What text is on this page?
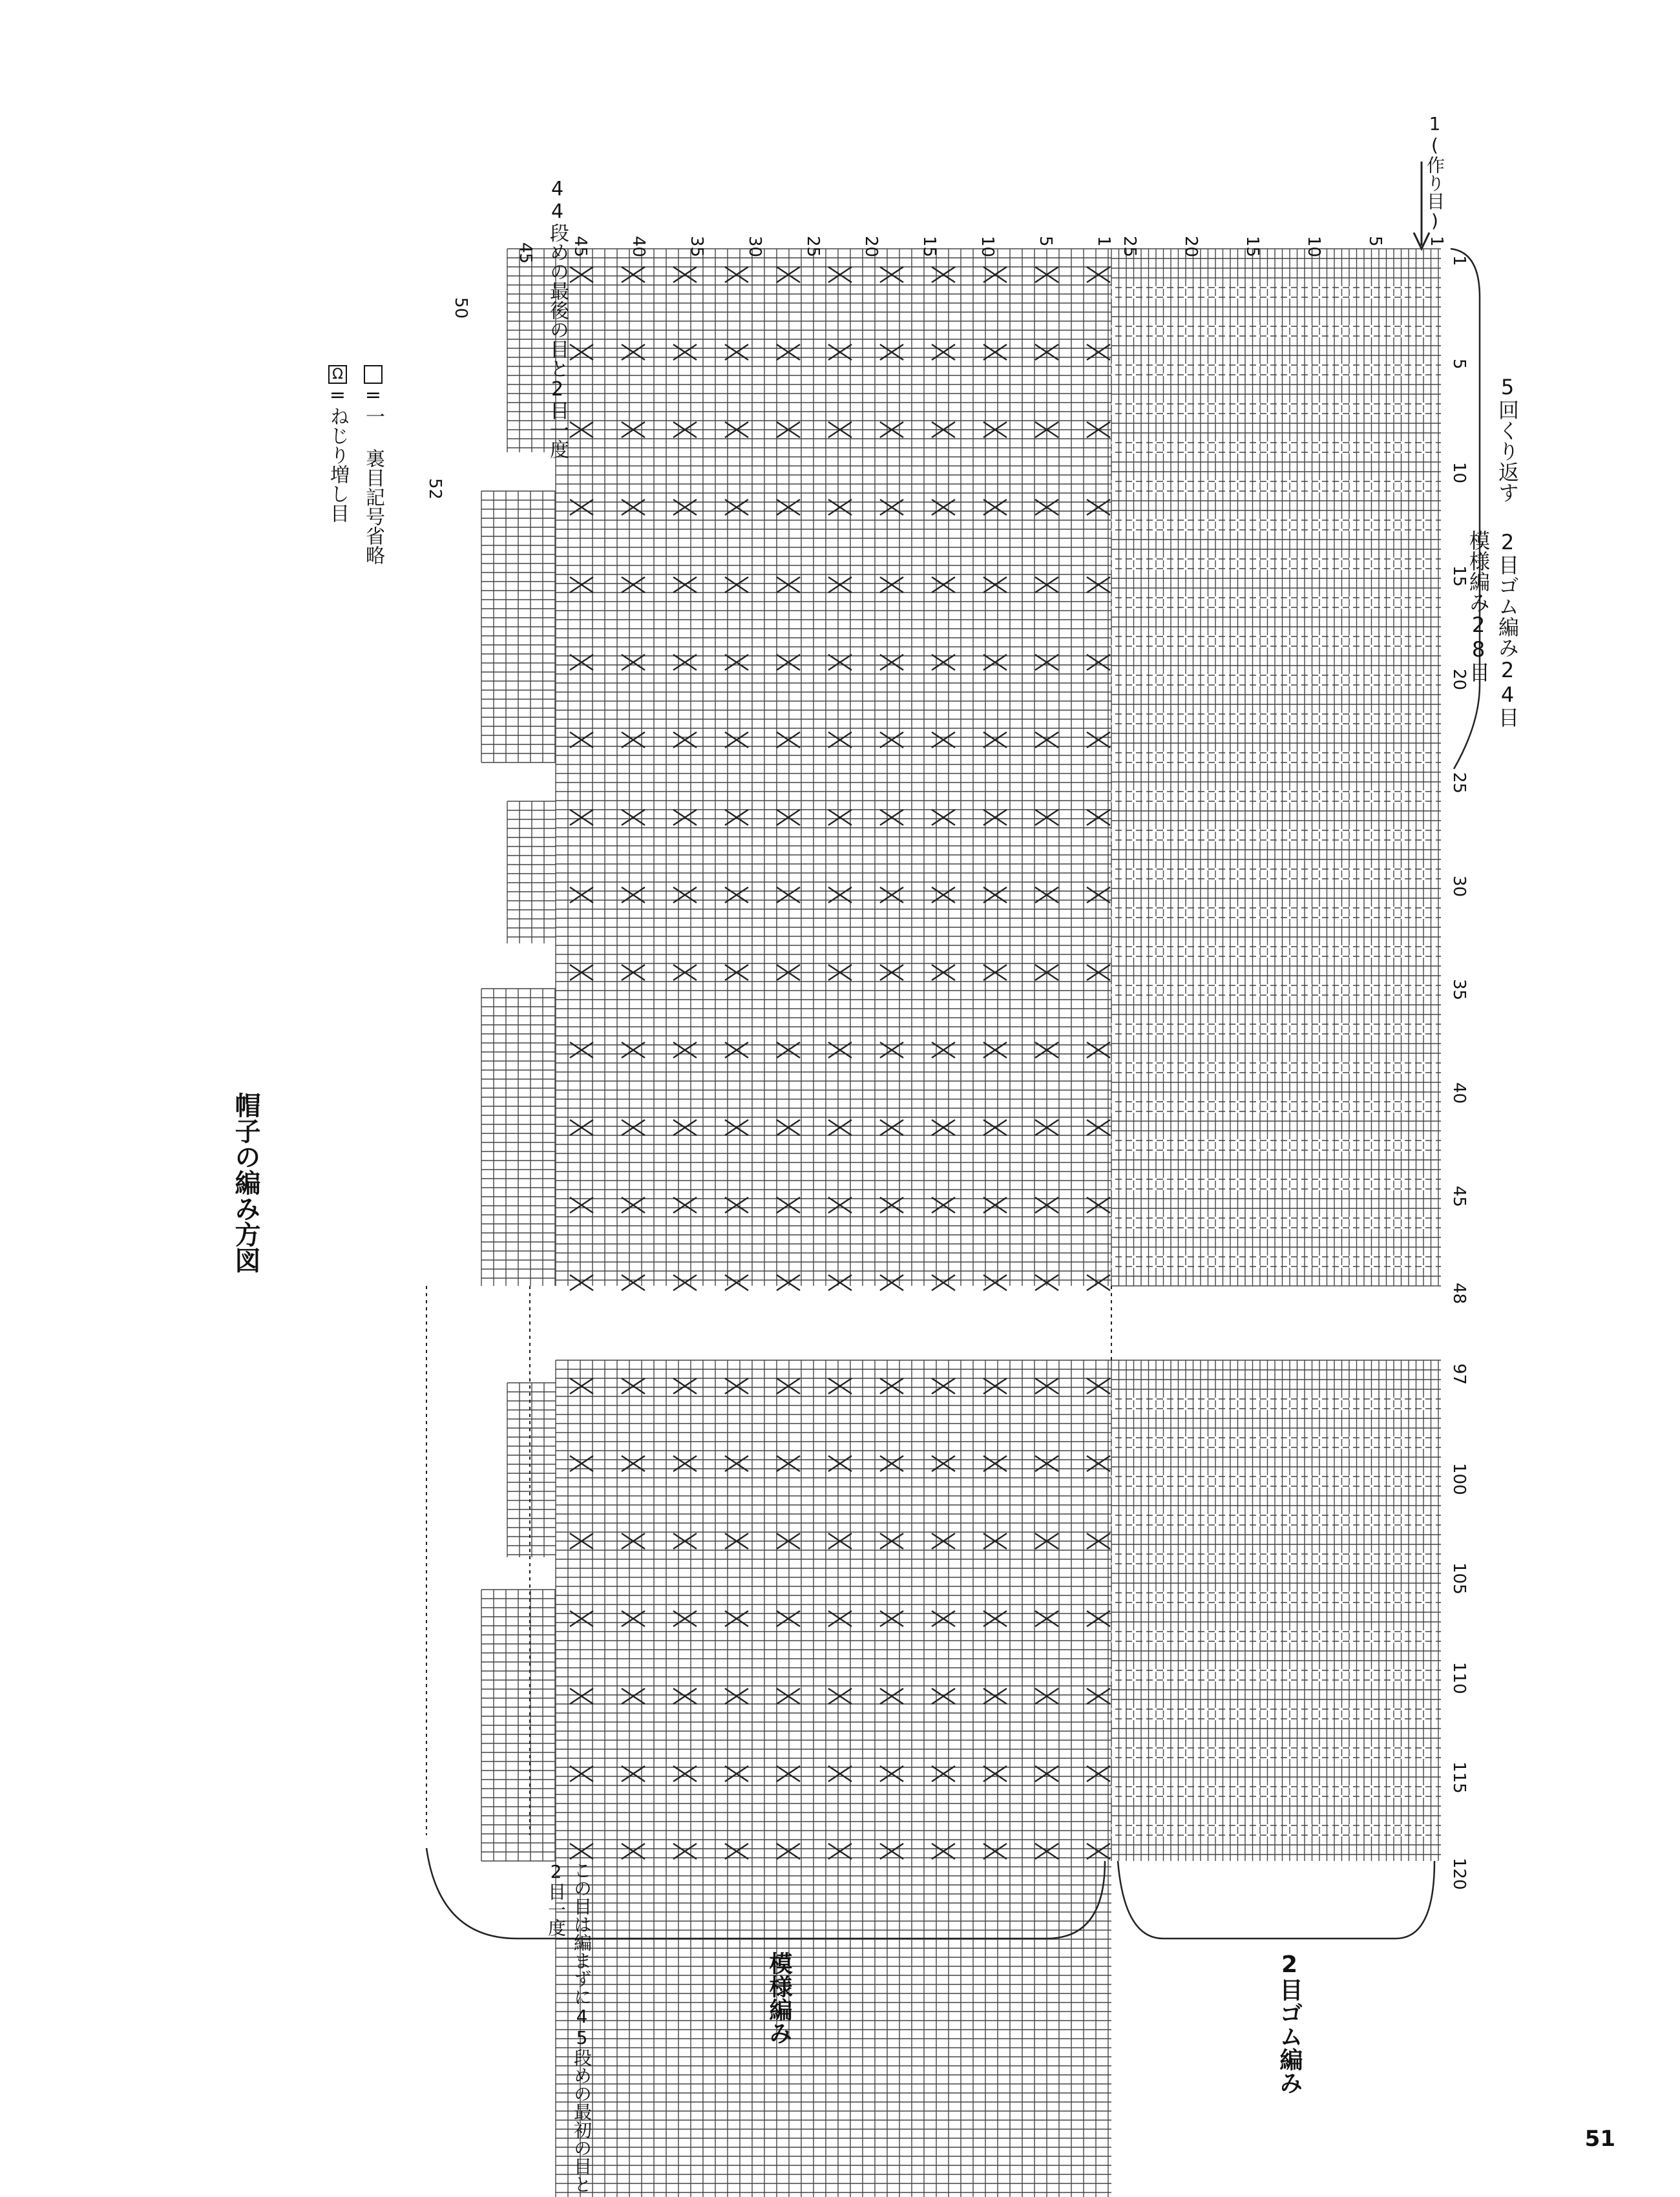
帽子の編み方図
Ω=ねじり増し目
  =一 裏目記号省略
1
5
10
15
20
25
30
35
40
45	1
5
10
15
20
25
45
50
52
1
5
10
15
20
25
30
35
40
45
48
97
100
105
110
115
120
44段めの最後の目と2目一度
この目は編まずに45段めの最初の目と2目一度
1(作り目)
模様編み28目 2目ゴム編み24目
5回くり返す
模様編み	2目ゴム編み
51
